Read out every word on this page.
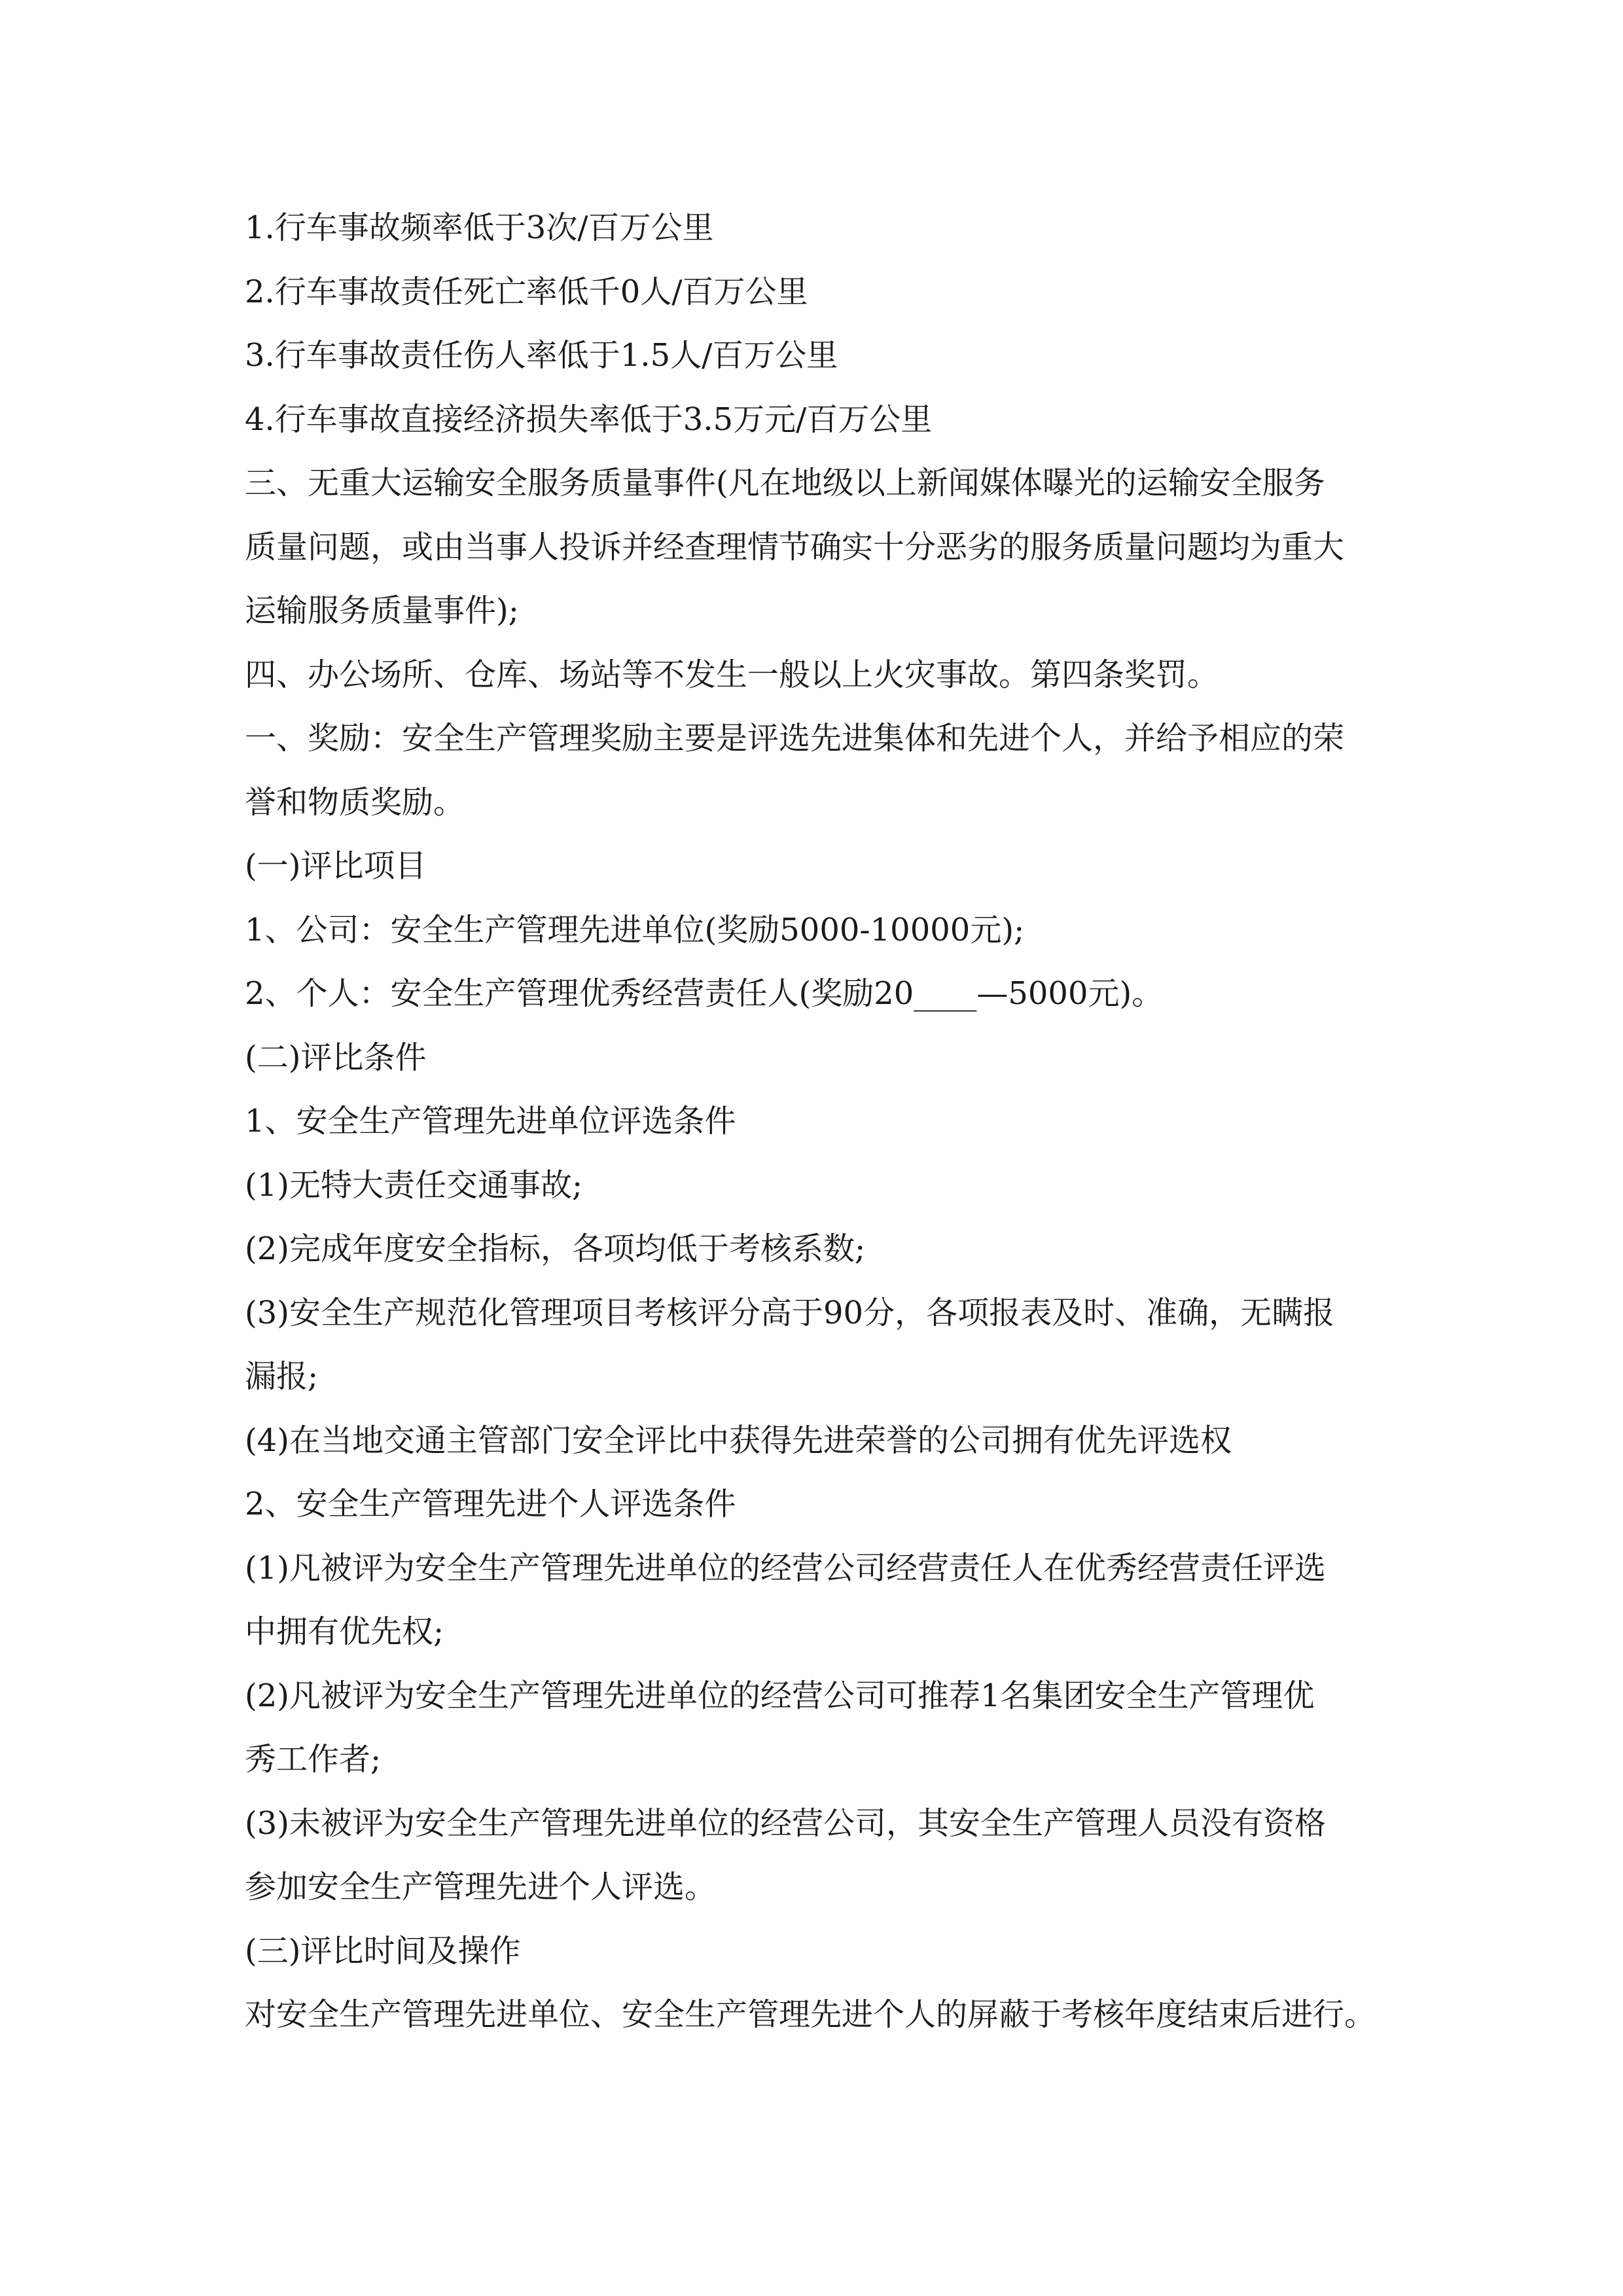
1.行车事故频率低于3次/百万公里

2.行车事故责任死亡率低千0人/百万公里

3.行车事故责任伤人率低于1.5人/百万公里

4.行车事故直接经济损失率低于3.5万元/百万公里

三、无重大运输安全服务质量事件(凡在地级以上新闻媒体曝光的运输安全服务

质量问题，或由当事人投诉并经查理情节确实十分恶劣的服务质量问题均为重大

运输服务质量事件);

四、办公场所、仓库、场站等不发生一般以上火灾事故。第四条奖罚。

一、奖励：安全生产管理奖励主要是评选先进集体和先进个人，并给予相应的荣

誉和物质奖励。

(一)评比项目

1、公司：安全生产管理先进单位(奖励5000-10000元);

2、个人：安全生产管理优秀经营责任人(奖励20____—5000元)。

(二)评比条件

1、安全生产管理先进单位评选条件

(1)无特大责任交通事故;

(2)完成年度安全指标，各项均低于考核系数;

(3)安全生产规范化管理项目考核评分高于90分，各项报表及时、准确，无瞒报

漏报;

(4)在当地交通主管部门安全评比中获得先进荣誉的公司拥有优先评选权

2、安全生产管理先进个人评选条件

(1)凡被评为安全生产管理先进单位的经营公司经营责任人在优秀经营责任评选

中拥有优先权;

(2)凡被评为安全生产管理先进单位的经营公司可推荐1名集团安全生产管理优

秀工作者;

(3)未被评为安全生产管理先进单位的经营公司，其安全生产管理人员没有资格

参加安全生产管理先进个人评选。

(三)评比时间及操作

对安全生产管理先进单位、安全生产管理先进个人的屏蔽于考核年度结束后进行。
